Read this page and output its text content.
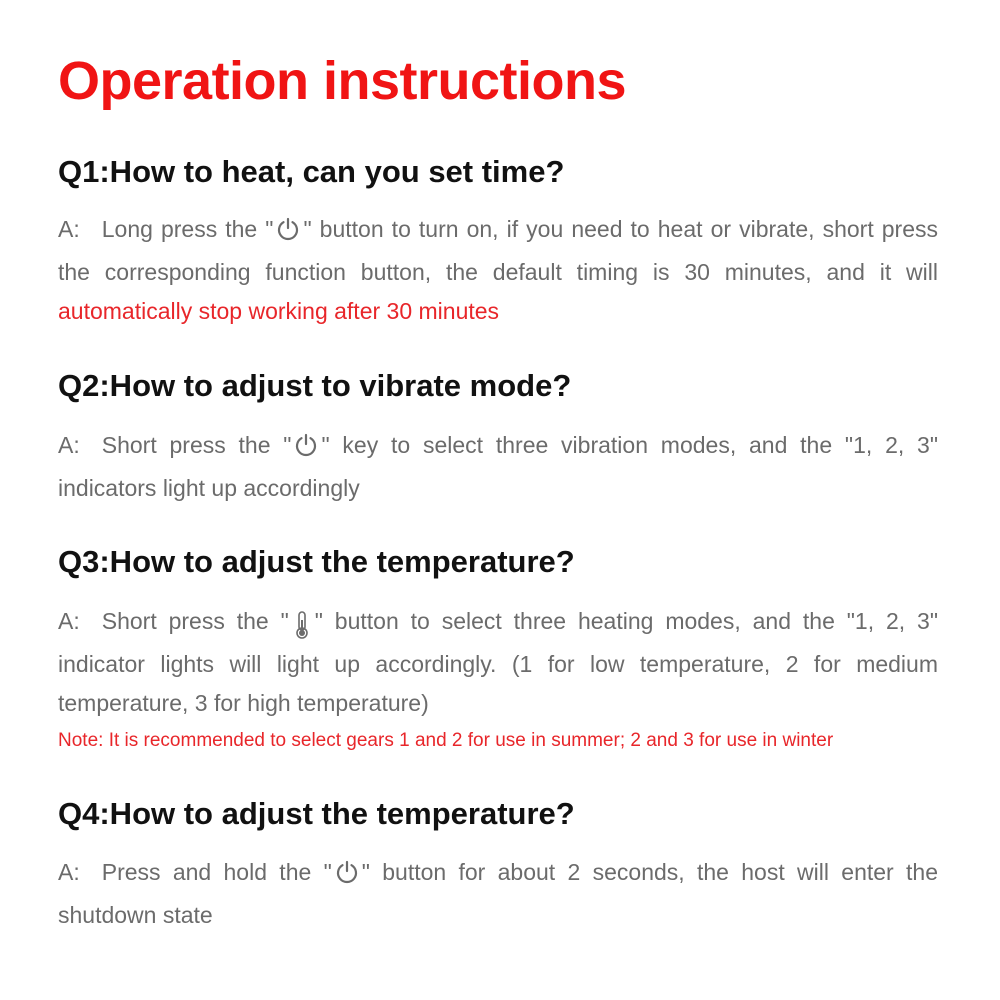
Operation instructions
Q1:How to heat, can you set time?

A: Long press the " " button to turn on, if you need to heat or vibrate, short press the corresponding function button, the default timing is 30 minutes, and it will automatically stop working after 30 minutes

Q2:How to adjust to vibrate mode?

A: Short press the " " key to select three vibration modes, and the "1, 2, 3" indicators light up accordingly

Q3:How to adjust the temperature?

A: Short press the " " button to select three heating modes, and the "1, 2, 3" indicator lights will light up accordingly. (1 for low temperature, 2 for medium temperature, 3 for high temperature)

Note: It is recommended to select gears 1 and 2 for use in summer; 2 and 3 for use in winter

Q4:How to adjust the temperature?

A: Press and hold the " " button for about 2 seconds, the host will enter the shutdown state
